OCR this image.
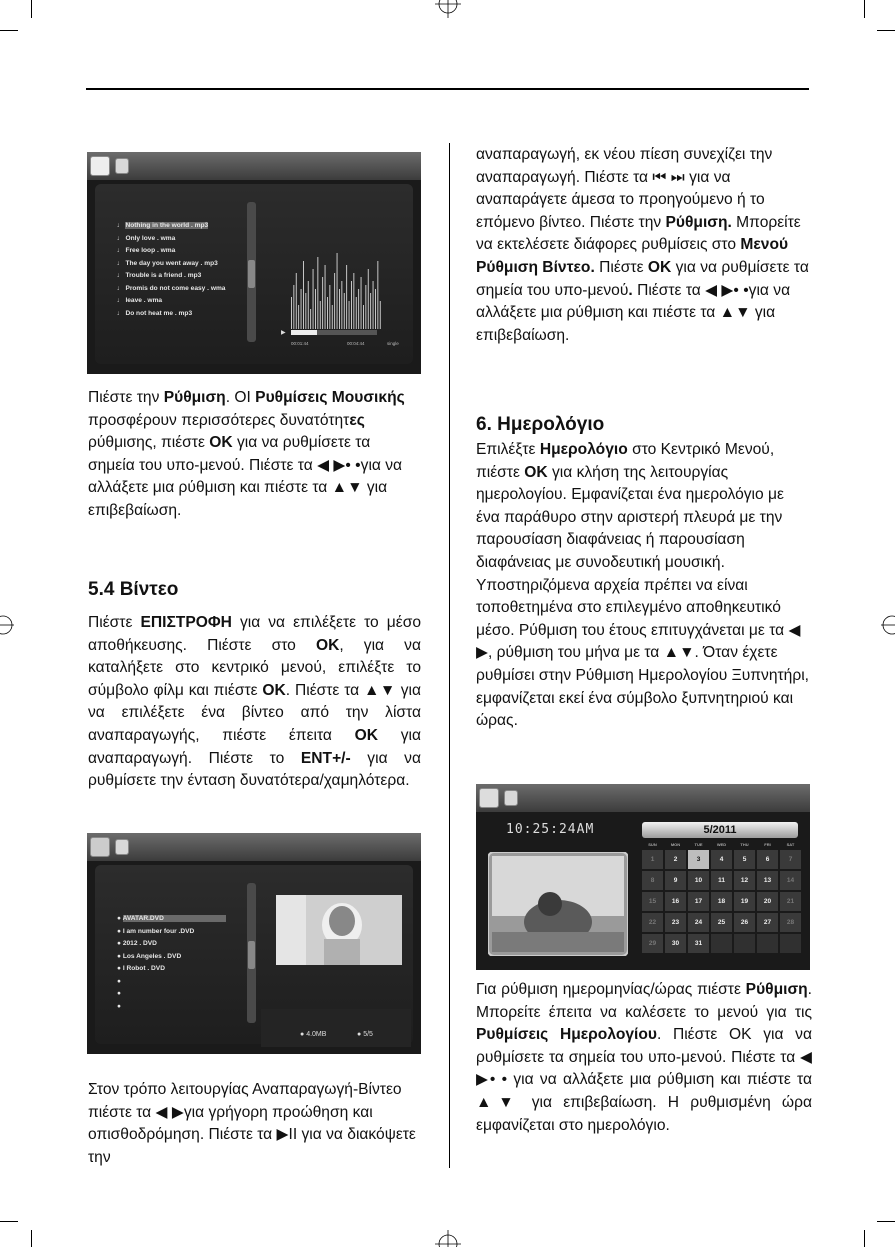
♩ Nothing in the world . mp3
♩ Only love . wma
♩ Free loop . wma
♩ The day you went away . mp3
♩ Trouble is a friend . mp3
♩ Promis do not come easy . wma
♩ leave . wma
♩ Do not heat me . mp3
▶
00:01:44	00:04:44	single

Πιέστε την Ρύθμιση. ΟΙ Ρυθμίσεις Μουσικής προσφέρουν περισσότερες δυνατότητες ρύθμισης, πιέστε OK για να ρυθμίσετε τα σημεία του υπο-μενού. Πιέστε τα ◀ ▶• •για να αλλάξετε μια ρύθμιση και πιέστε τα ▲▼ για επιβεβαίωση.

5.4 Βίντεο

Πιέστε ΕΠΙΣΤΡΟΦΗ για να επιλέξετε το μέσο αποθήκευσης. Πιέστε στο OK, για να καταλήξετε στο κεντρικό μενού, επιλέξτε το σύμβολο φίλμ και πιέστε OK. Πιέστε τα ▲▼ για να επιλέξετε ένα βίντεο από την λίστα αναπαραγωγής, πιέστε έπειτα OK για αναπαραγωγή. Πιέστε το ENT+/- για να ρυθμίσετε την ένταση δυνατότερα/χαμηλότερα.

● AVATAR.DVD
● I am number four .DVD
● 2012 . DVD
● Los Angeles . DVD
● I Robot . DVD
●
●
●
● 4.0MB	● 5/5
Στον τρόπο λειτουργίας Αναπαραγωγή-Βίντεο πιέστε τα ◀ ▶για γρήγορη προώθηση και οπισθοδρόμηση. Πιέστε τα ▶II για να διακόψετε την

αναπαραγωγή, εκ νέου πίεση συνεχίζει την αναπαραγωγή. Πιέστε τα ⏮ ⏭ για να αναπαράγετε άμεσα το προηγούμενο ή το επόμενο βίντεο. Πιέστε την Ρύθμιση. Μπορείτε να εκτελέσετε διάφορες ρυθμίσεις στο Μενού Ρύθμιση Βίντεο. Πιέστε OK για να ρυθμίσετε τα σημεία του υπο-μενού. Πιέστε τα ◀ ▶• •για να αλλάξετε μια ρύθμιση και πιέστε τα ▲▼ για επιβεβαίωση.

6. Ημερολόγιο

Επιλέξτε Ημερολόγιο στο Κεντρικό Μενού, πιέστε OK για κλήση της λειτουργίας ημερολογίου. Εμφανίζεται ένα ημερολόγιο με ένα παράθυρο στην αριστερή πλευρά με την παρουσίαση διαφάνειας ή παρουσίαση διαφάνειας με συνοδευτική μουσική. Υποστηριζόμενα αρχεία πρέπει να είναι τοποθετημένα στο επιλεγμένο αποθηκευτικό μέσο. Ρύθμιση του έτους επιτυγχάνεται με τα ◀ ▶, ρύθμιση του μήνα με τα ▲▼. Όταν έχετε ρυθμίσει στην Ρύθμιση Ημερολογίου Ξυπνητήρι, εμφανίζεται εκεί ένα σύμβολο ξυπνητηριού και ώρας.

10:25:24AM	5/2011
SUN	MON	TUE	WED	THU	FRI	SAT
1	2	3	4	5	6	7
8	9	10	11	12	13	14
15	16	17	18	19	20	21
22	23	24	25	26	27	28
29	30	31

Για ρύθμιση ημερομηνίας/ώρας πιέστε Ρύθμιση. Μπορείτε έπειτα να καλέσετε το μενού για τις Ρυθμίσεις Ημερολογίου. Πιέστε OK για να ρυθμίσετε τα σημεία του υπο-μενού. Πιέστε τα ◀ ▶• • για να αλλάξετε μια ρύθμιση και πιέστε τα ▲▼ για επιβεβαίωση. Η ρυθμισμένη ώρα εμφανίζεται στο ημερολόγιο.
